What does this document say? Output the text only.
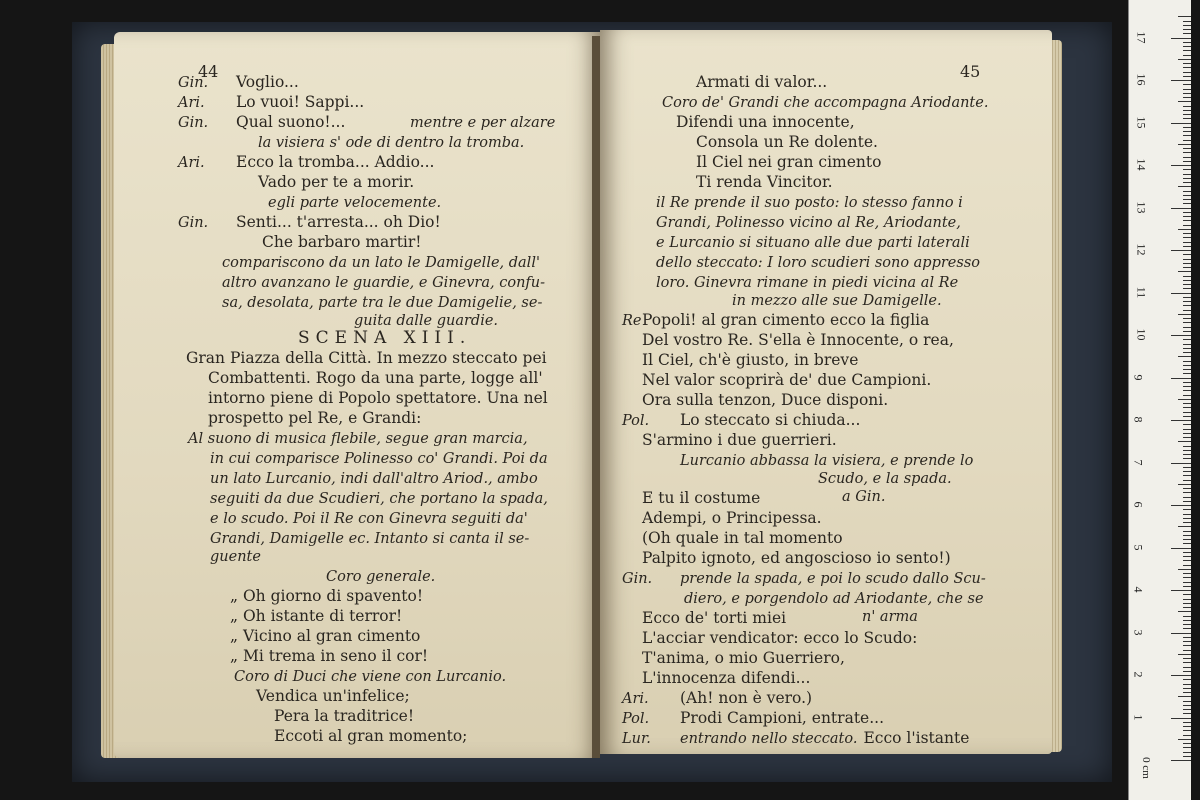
44
Gin. Voglio...
Ari. Lo vuoi! Sappi...
Gin. Qual suono!...	mentre e per alzare
la visiera s' ode di dentro la tromba.
Ari. Ecco la tromba... Addio...
Vado per te a morir.
egli parte velocemente.
Gin. Senti... t'arresta... oh Dio!
Che barbaro martir!
compariscono da un lato le Damigelle, dall'
altro avanzano le guardie, e Ginevra, confu-
sa, desolata, parte tra le due Damigelie, se-
guita dalle guardie.
SCENA XIII.
Gran Piazza della Città. In mezzo steccato pei
Combattenti. Rogo da una parte, logge all'
intorno piene di Popolo spettatore. Una nel
prospetto pel Re, e Grandi:
Al suono di musica flebile, segue gran marcia,
in cui comparisce Polinesso co' Grandi. Poi da
un lato Lurcanio, indi dall'altro Ariod., ambo
seguiti da due Scudieri, che portano la spada,
e lo scudo. Poi il Re con Ginevra seguiti da'
Grandi, Damigelle ec. Intanto si canta il se-
guente
Coro generale.
„ Oh giorno di spavento!
„ Oh istante di terror!
„ Vicino al gran cimento
„ Mi trema in seno il cor!
Coro di Duci che viene con Lurcanio.
Vendica un'infelice;
Pera la traditrice!
Eccoti al gran momento;
45
Armati di valor...
Coro de' Grandi che accompagna Ariodante.
Difendi una innocente,
Consola un Re dolente.
Il Ciel nei gran cimento
Ti renda Vincitor.
il Re prende il suo posto: lo stesso fanno i
Grandi, Polinesso vicino al Re, Ariodante,
e Lurcanio si situano alle due parti laterali
dello steccato: I loro scudieri sono appresso
loro. Ginevra rimane in piedi vicina al Re
in mezzo alle sue Damigelle.
RePopoli! al gran cimento ecco la figlia
Del vostro Re. S'ella è Innocente, o rea,
Il Ciel, ch'è giusto, in breve
Nel valor scoprirà de' due Campioni.
Ora sulla tenzon, Duce disponi.
Pol. Lo steccato si chiuda...
S'armino i due guerrieri.
Lurcanio abbassa la visiera, e prende lo
Scudo, e la spada.
E tu il costume	a Gin.
Adempi, o Principessa.
(Oh quale in tal momento
Palpito ignoto, ed angoscioso io sento!)
Gin. prende la spada, e poi lo scudo dallo Scu-
diero, e porgendolo ad Ariodante, che se
Ecco de' torti miei	n' arma
L'acciar vendicator: ecco lo Scudo:
T'anima, o mio Guerriero,
L'innocenza difendi...
Ari. (Ah! non è vero.)
Pol. Prodi Campioni, entrate...
Lur. entrando nello steccato. Ecco l'istante
0 cm
17
16
15
14
13
12
11
10
9
8
7
6
5
4
3
2
1
